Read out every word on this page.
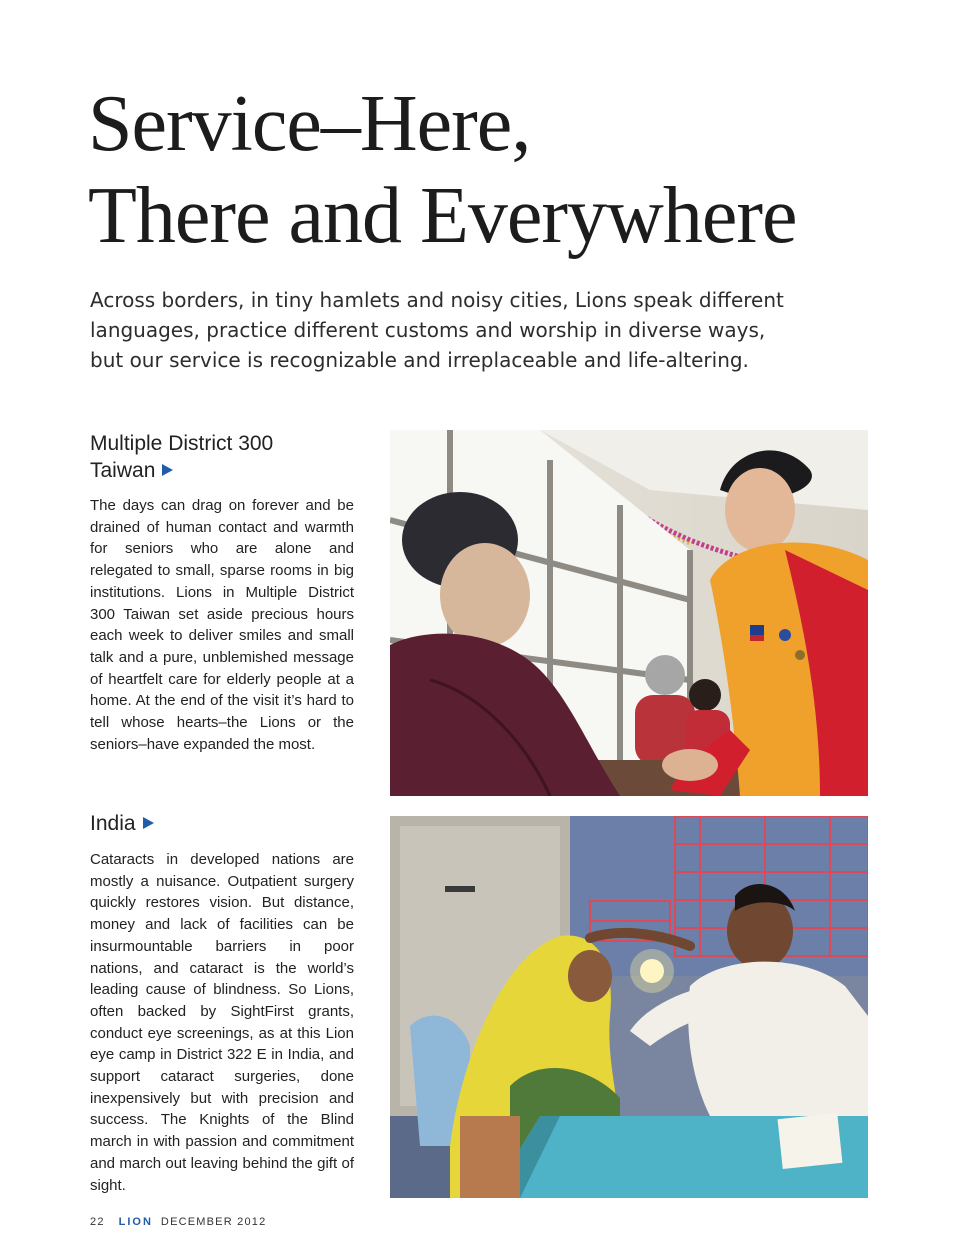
Service–Here,
There and Everywhere

Across borders, in tiny hamlets and noisy cities, Lions speak different
languages, practice different customs and worship in diverse ways,
but our service is recognizable and irreplaceable and life-altering.

Multiple District 300
Taiwan

The days can drag on forever and be drained of human contact and warmth for seniors who are alone and relegated to small, sparse rooms in big institutions. Lions in Multiple District 300 Taiwan set aside precious hours each week to deliver smiles and small talk and a pure, unblemished message of heartfelt care for elderly people at a home. At the end of the visit it’s hard to tell whose hearts–the Lions or the seniors–have expanded the most.

India

Cataracts in developed nations are mostly a nuisance. Outpatient surgery quickly restores vision. But distance, money and lack of facilities can be insurmountable barriers in poor nations, and cataract is the world’s leading cause of blindness. So Lions, often backed by SightFirst grants, conduct eye screenings, as at this Lion eye camp in District 322 E in India, and support cataract surgeries, done inexpensively but with precision and success. The Knights of the Blind march in with passion and commitment and march out leaving behind the gift of sight.

22 LION DECEMBER 2012
